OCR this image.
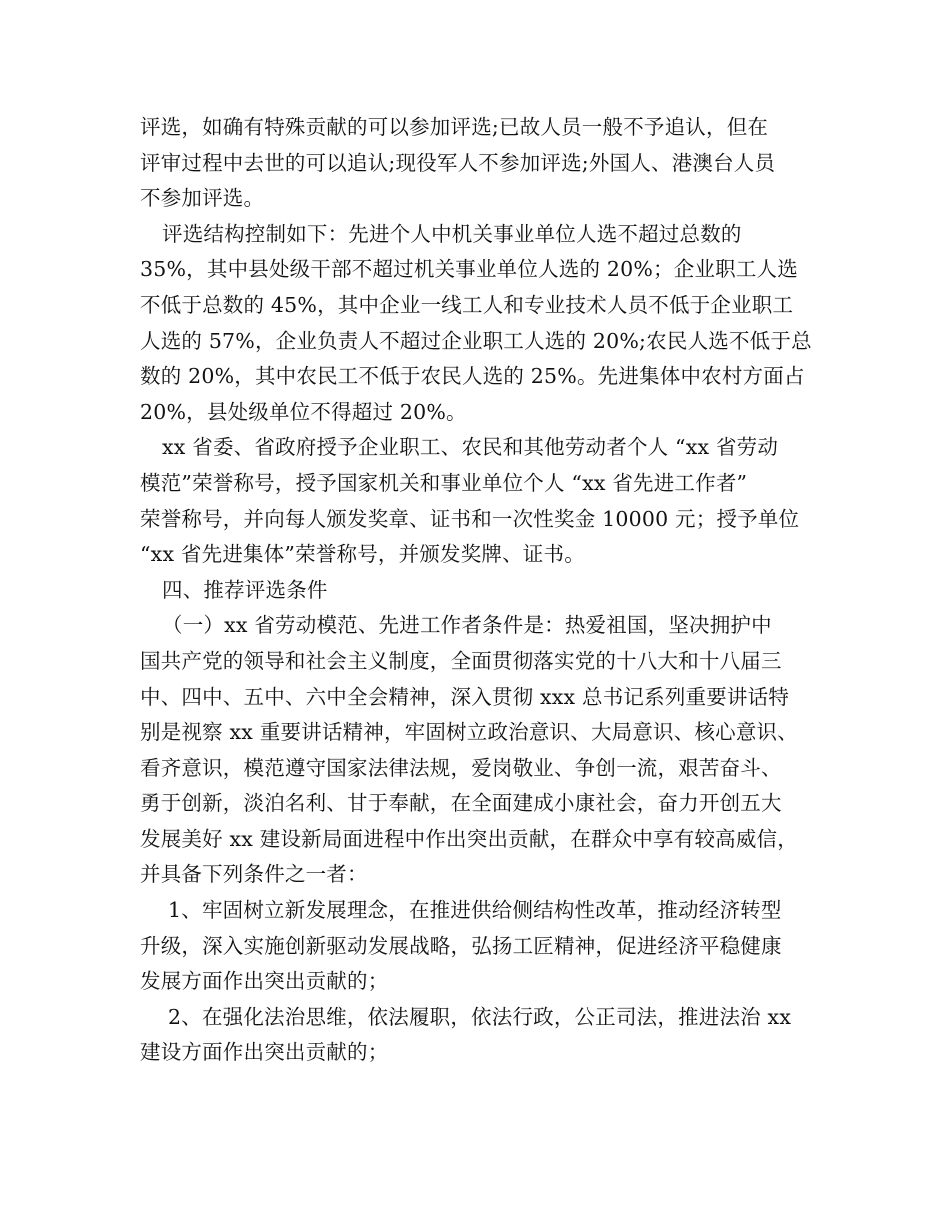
评选，如确有特殊贡献的可以参加评选;已故人员一般不予追认，但在
评审过程中去世的可以追认;现役军人不参加评选;外国人、港澳台人员
不参加评选。
评选结构控制如下：先进个人中机关事业单位人选不超过总数的
35%，其中县处级干部不超过机关事业单位人选的 20%；企业职工人选
不低于总数的 45%，其中企业一线工人和专业技术人员不低于企业职工
人选的 57%，企业负责人不超过企业职工人选的 20%;农民人选不低于总
数的 20%，其中农民工不低于农民人选的 25%。先进集体中农村方面占
20%，县处级单位不得超过 20%。
xx 省委、省政府授予企业职工、农民和其他劳动者个人 “xx 省劳动
模范”荣誉称号，授予国家机关和事业单位个人 “xx 省先进工作者”
荣誉称号，并向每人颁发奖章、证书和一次性奖金 10000 元；授予单位
“xx 省先进集体”荣誉称号，并颁发奖牌、证书。
四、推荐评选条件
（一）xx 省劳动模范、先进工作者条件是：热爱祖国，坚决拥护中
国共产党的领导和社会主义制度，全面贯彻落实党的十八大和十八届三
中、四中、五中、六中全会精神，深入贯彻 xxx 总书记系列重要讲话特
别是视察 xx 重要讲话精神，牢固树立政治意识、大局意识、核心意识、
看齐意识，模范遵守国家法律法规，爱岗敬业、争创一流，艰苦奋斗、
勇于创新，淡泊名利、甘于奉献，在全面建成小康社会，奋力开创五大
发展美好 xx 建设新局面进程中作出突出贡献，在群众中享有较高威信，
并具备下列条件之一者：
1、牢固树立新发展理念，在推进供给侧结构性改革，推动经济转型
升级，深入实施创新驱动发展战略，弘扬工匠精神，促进经济平稳健康
发展方面作出突出贡献的；
2、在强化法治思维，依法履职，依法行政，公正司法，推进法治 xx
建设方面作出突出贡献的；
